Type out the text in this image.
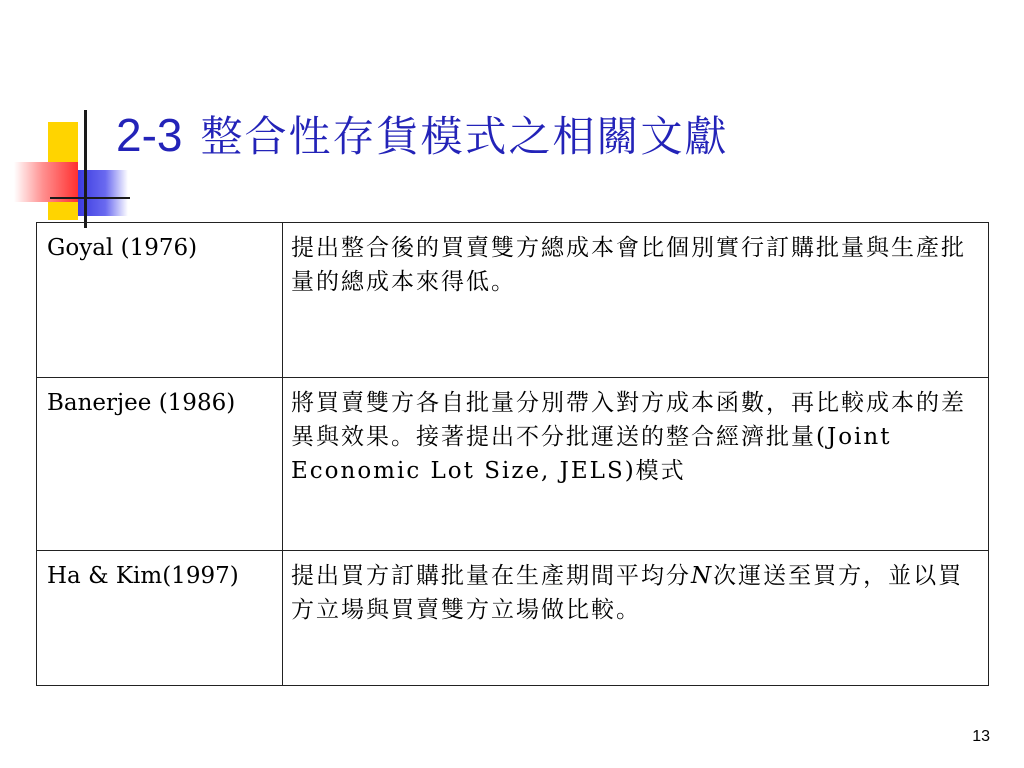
2-3 整合性存貨模式之相關文獻
Goyal (1976)	提出整合後的買賣雙方總成本會比個別實行訂購批量與生產批量的總成本來得低。
Banerjee (1986)	將買賣雙方各自批量分別帶入對方成本函數，再比較成本的差異與效果。接著提出不分批運送的整合經濟批量(Joint Economic Lot Size, JELS)模式
Ha & Kim(1997)	提出買方訂購批量在生產期間平均分N次運送至買方，並以買方立場與買賣雙方立場做比較。
13
